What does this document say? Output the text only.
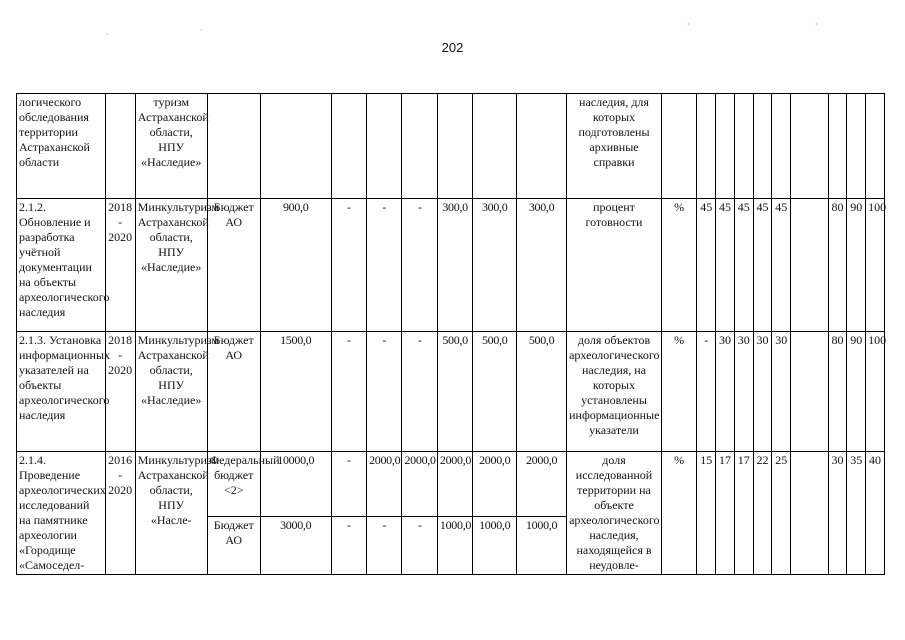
202
логического обследования территории Астраханской области		туризм Астраханской области, НПУ «Наследие»									наследия, для которых подготовлены архивные справки										
2.1.2. Обновление и разработка учётной документации на объекты археологического наследия	2018 - 2020	Минкультуризм Астраханской области, НПУ «Наследие»	Бюджет АО	900,0	-	-	-	300,0	300,0	300,0	процент готовности	%	45	45	45	45	45		80	90	100
2.1.3. Установка информационных указателей на объекты археологического наследия	2018 - 2020	Минкультуризм Астраханской области, НПУ «Наследие»	Бюджет АО	1500,0	-	-	-	500,0	500,0	500,0	доля объектов археологического наследия, на которых установлены информационные указатели	%	-	30	30	30	30		80	90	100
2.1.4. Проведение археологических исследований на памятнике археологии «Городище «Самоседел-	2016 - 2020	Минкультуризм Астраханской области, НПУ «Насле-	Федеральный бюджет <2>	10000,0	-	2000,0	2000,0	2000,0	2000,0	2000,0	доля исследованной территории на объекте археологического наследия, находящейся в неудовле-	%	15	17	17	22	25		30	35	40
			Бюджет АО	3000,0	-	-	-	1000,0	1000,0	1000,0											
·	·
·	·
